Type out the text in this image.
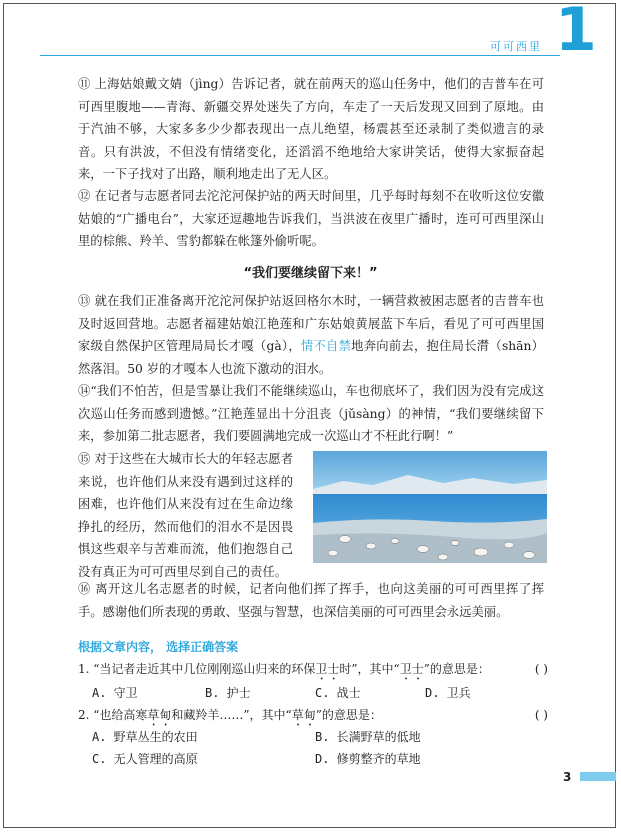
可可西里 1

⑪ 上海姑娘戴文婧（jìng）告诉记者，就在前两天的巡山任务中，他们的吉普车在可可西里腹地——青海、新疆交界处迷失了方向，车走了一天后发现又回到了原地。由于汽油不够，大家多多少少都表现出一点儿绝望，杨震甚至还录制了类似遗言的录音。只有洪波，不但没有情绪变化，还滔滔不绝地给大家讲笑话，使得大家振奋起来，一下子找对了出路，顺利地走出了无人区。

⑫ 在记者与志愿者同去沱沱河保护站的两天时间里，几乎每时每刻不在收听这位安徽姑娘的“广播电台”，大家还逗趣地告诉我们，当洪波在夜里广播时，连可可西里深山里的棕熊、羚羊、雪豹都躲在帐篷外偷听呢。

“我们要继续留下来！”

⑬ 就在我们正准备离开沱沱河保护站返回格尔木时，一辆营救被困志愿者的吉普车也及时返回营地。志愿者福建姑娘江艳莲和广东姑娘黄展蓝下车后，看见了可可西里国家级自然保护区管理局局长才嘎（gà），情不自禁地奔向前去，抱住局长潸（shān）然落泪。50 岁的才嘎本人也流下激动的泪水。

⑭“我们不怕苦，但是雪暴让我们不能继续巡山，车也彻底坏了，我们因为没有完成这次巡山任务而感到遗憾。”江艳莲显出十分沮丧（jǔsàng）的神情，“我们要继续留下来，参加第二批志愿者，我们要圆满地完成一次巡山才不枉此行啊！”

⑮ 对于这些在大城市长大的年轻志愿者来说，也许他们从来没有遇到过这样的困难，也许他们从来没有过在生命边缘挣扎的经历，然而他们的泪水不是因畏惧这些艰辛与苦难而流，他们抱怨自己没有真正为可可西里尽到自己的责任。

⑯ 离开这儿名志愿者的时候，记者向他们挥了挥手，也向这美丽的可可西里挥了挥手。感谢他们所表现的勇敢、坚强与智慧，也深信美丽的可可西里会永远美丽。

根据文章内容， 选择正确答案
1. “当记者走近其中几位刚刚巡山归来的环保卫士时”，其中“卫士”的意思是：	( )
A. 守卫	B. 护士	C. 战士	D. 卫兵
2. “也给高寒草甸和藏羚羊……”，其中“草甸”的意思是：	( )
A. 野草丛生的农田	B. 长满野草的低地
C. 无人管理的高原	D. 修剪整齐的草地
3
